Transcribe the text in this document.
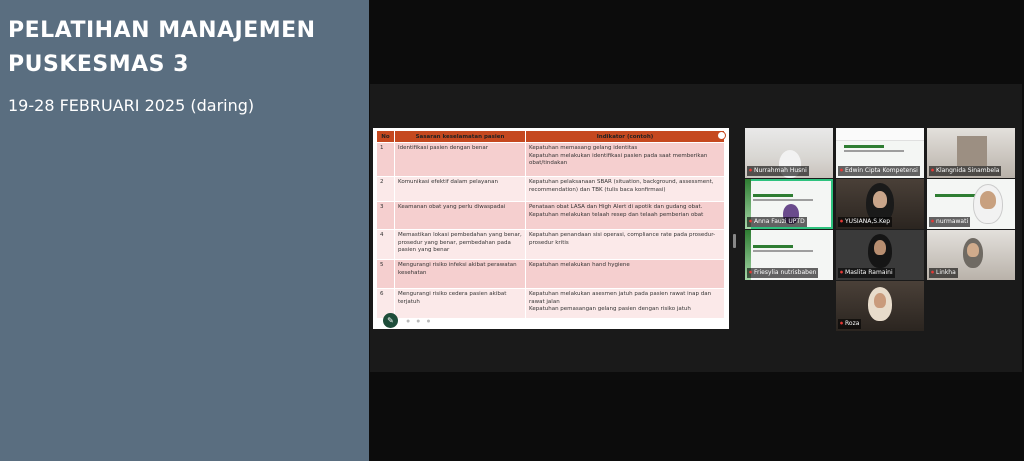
PELATIHAN MANAJEMEN
PUSKESMAS 3
19-28 FEBRUARI 2025 (daring)
No	Sasaran keselamatan pasien	Indikator (contoh)
1	Identifikasi pasien dengan benar	Kepatuhan memasang gelang identitas
Kepatuhan melakukan identifikasi pasien pada saat memberikan obat/tindakan

2	Komunikasi efektif dalam pelayanan	Kepatuhan pelaksanaan SBAR (situation, background, assessment, recommendation) dan TBK (tulis baca konfirmasi)

3	Keamanan obat yang perlu diwaspadai	Penataan obat LASA dan High Alert di apotik dan gudang obat.
Kepatuhan melakukan telaah resep dan telaah pemberian obat

4	Memastikan lokasi pembedahan yang benar, prosedur yang benar, pembedahan pada pasien yang benar	Kepatuhan penandaan sisi operasi, compliance rate pada prosedur-prosedur kritis

5	Mengurangi risiko infeksi akibat perawatan kesehatan	Kepatuhan melakukan hand hygiene

6	Mengurangi risiko cedera pasien akibat terjatuh	Kepatuhan melakukan asesmen jatuh pada pasien rawat inap dan rawat jalan
Kepatuhan pemasangan gelang pasien dengan risiko jatuh
✎	● ● ●
⏺ Nurrahmah Husni	⏺ Edwin Cipta Kompetensi	⏺ Klangnida Sinambela
⏺ Anna Fauzi UPTD	⏺ YUSIANA,S.Kep	⏺ nurmawati
⏺ Friesylia nutrisbaben	⏺ Maslita Ramaini	⏺ Linkha
⏺ Roza
